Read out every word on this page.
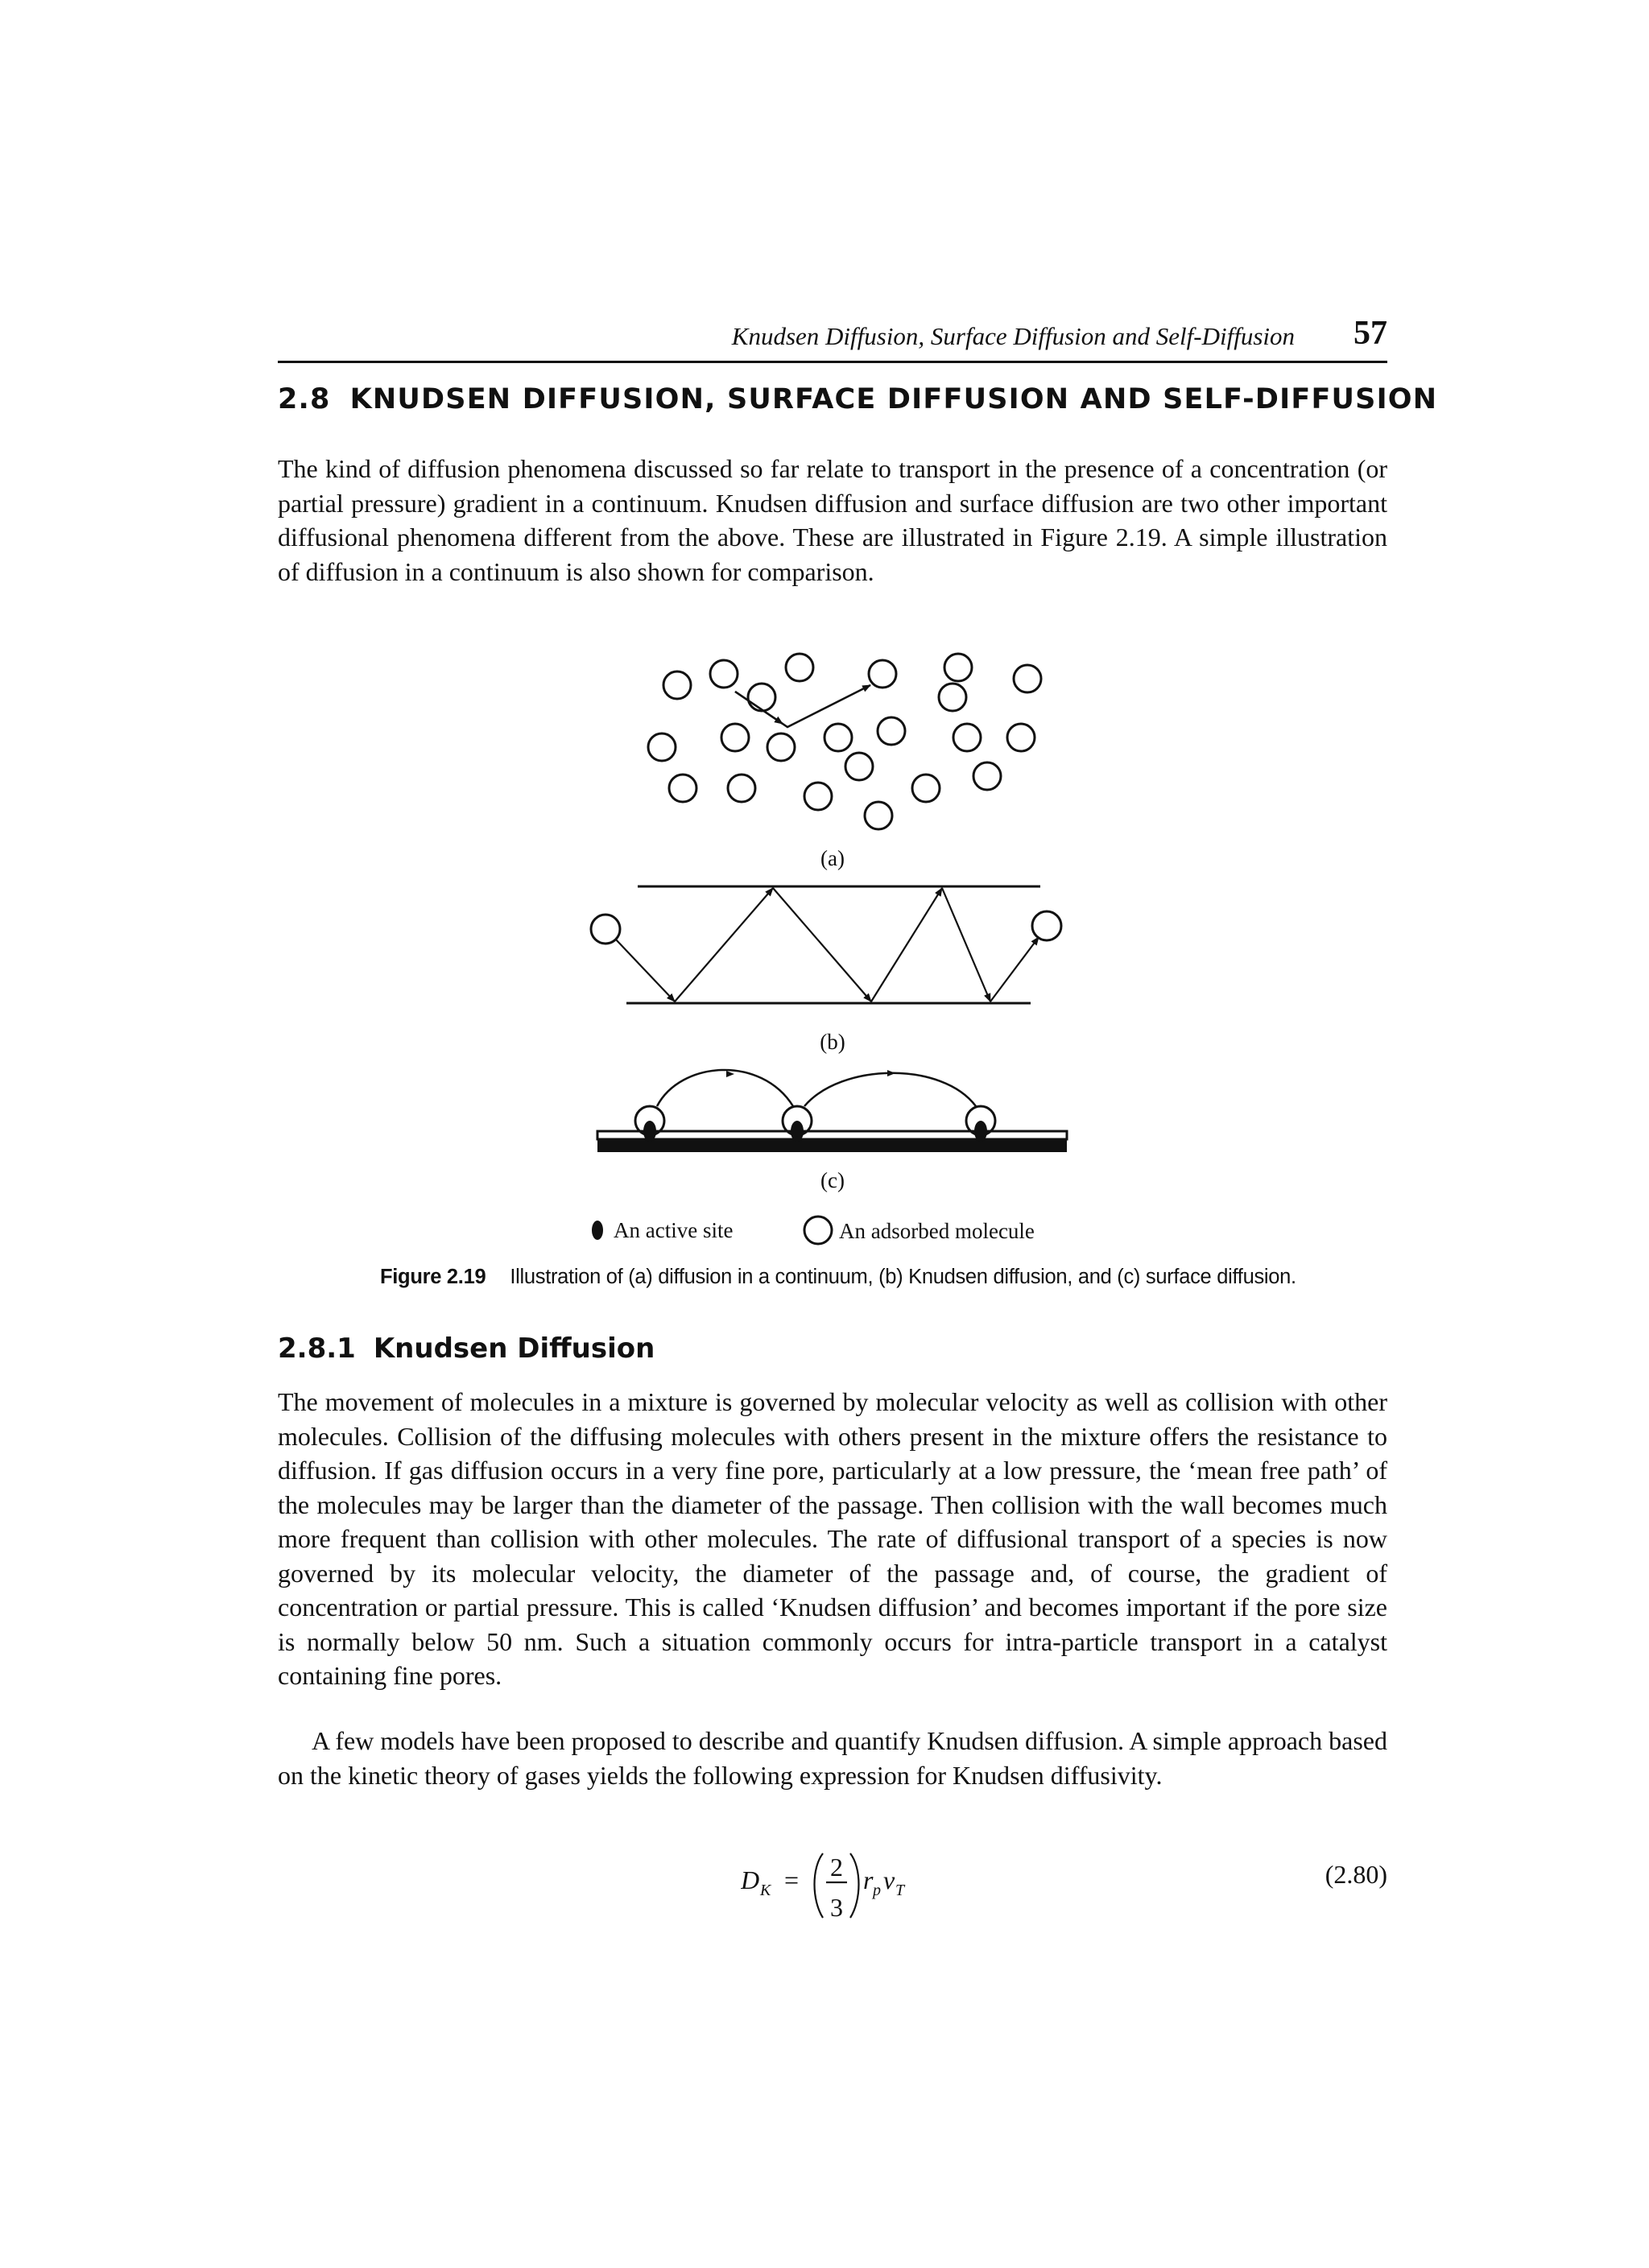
Knudsen Diffusion, Surface Diffusion and Self-Diffusion 57
2.8 KNUDSEN DIFFUSION, SURFACE DIFFUSION AND SELF-DIFFUSION

The kind of diffusion phenomena discussed so far relate to transport in the presence of a concentration (or partial pressure) gradient in a continuum. Knudsen diffusion and surface diffusion are two other important diffusional phenomena different from the above. These are illustrated in Figure 2.19. A simple illustration of diffusion in a continuum is also shown for comparison.

(a)
(b)
(c)
An active site	An adsorbed molecule
Figure 2.19 Illustration of (a) diffusion in a continuum, (b) Knudsen diffusion, and (c) surface diffusion.
2.8.1 Knudsen Diffusion

The movement of molecules in a mixture is governed by molecular velocity as well as collision with other molecules. Collision of the diffusing molecules with others present in the mixture offers the resistance to diffusion. If gas diffusion occurs in a very fine pore, particularly at a low pressure, the ‘mean free path’ of the molecules may be larger than the diameter of the passage. Then collision with the wall becomes much more frequent than collision with other molecules. The rate of diffusional transport of a species is now governed by its molecular velocity, the diameter of the passage and, of course, the gradient of concentration or partial pressure. This is called ‘Knudsen diffusion’ and becomes important if the pore size is normally below 50 nm. Such a situation commonly occurs for intra-particle transport in a catalyst containing fine pores.

A few models have been proposed to describe and quantify Knudsen diffusion. A simple approach based on the kinetic theory of gases yields the following expression for Knudsen diffusivity.

D K = 2
3
r p v T
(2.80)
